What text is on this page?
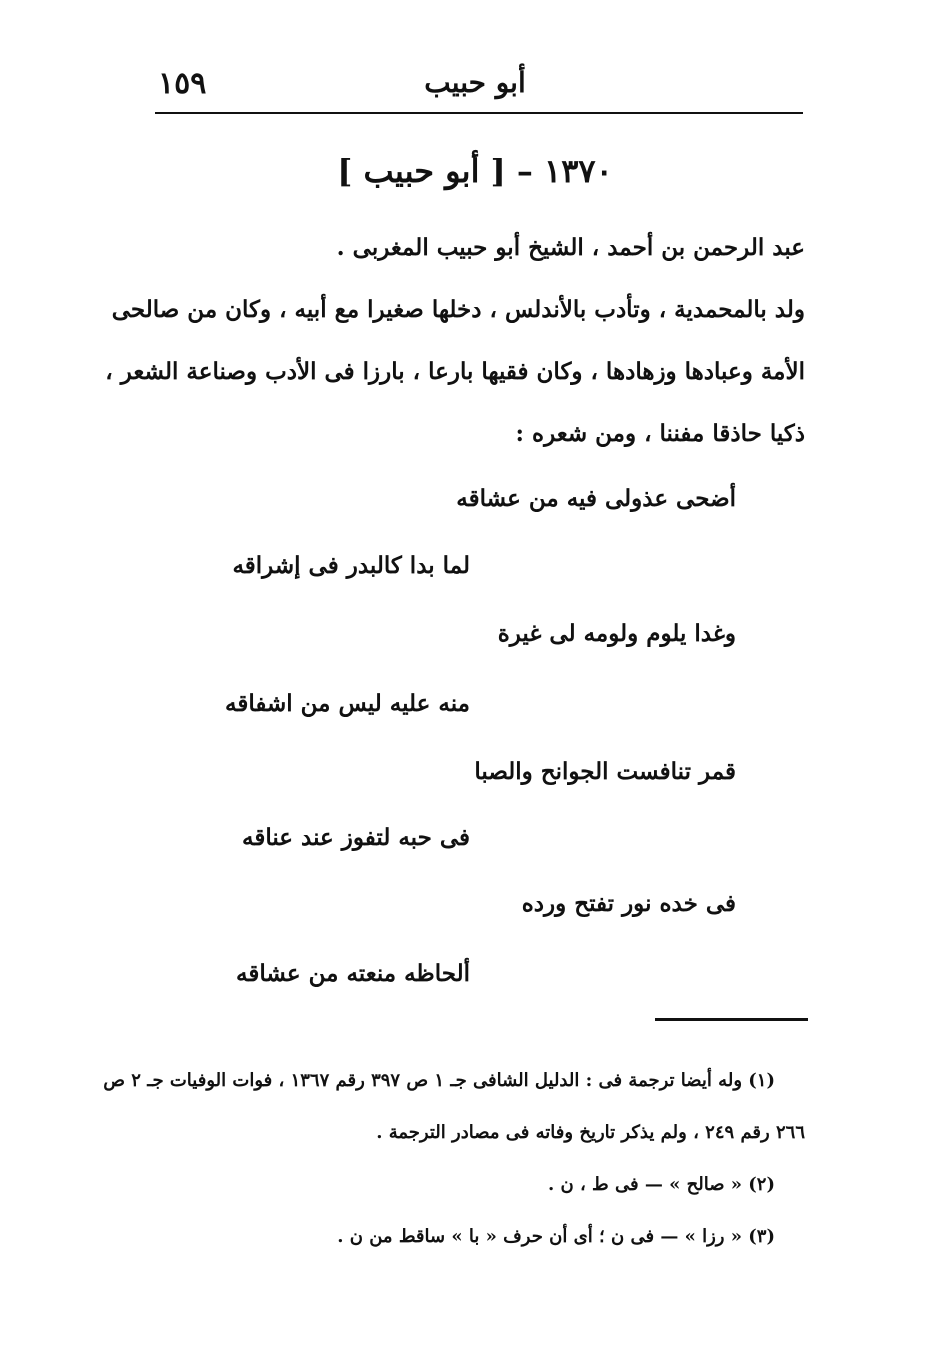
١٥٩	أبو حبيب
١٣٧٠ – [ أبو حبيب ]
عبد الرحمن بن أحمد ، الشيخ أبو حبيب المغربى .
ولد بالمحمدية ، وتأدب بالأندلس ، دخلها صغيرا مع أبيه ، وكان من صالحى
الأمة وعبادها وزهادها ، وكان فقيها بارعا ، بارزا فى الأدب وصناعة الشعر ،
ذكيا حاذقا مفننا ، ومن شعره :
أضحى عذولى فيه من عشاقه
لما بدا كالبدر فى إشراقه
وغدا يلوم ولومه لى غيرة
منه عليه ليس من اشفاقه
قمر تنافست الجوانح والصبا
فى حبه لتفوز عند عناقه
فى خده نور تفتح ورده
ألحاظه منعته من عشاقه
(١) وله أيضا ترجمة فى : الدليل الشافى جـ ١ ص ٣٩٧ رقم ١٣٦٧ ، فوات الوفيات جـ ٢ ص
٢٦٦ رقم ٢٤٩ ، ولم يذكر تاريخ وفاته فى مصادر الترجمة .
(٢) « صالح » — فى ط ، ن .
(٣) « رزا » — فى ن ؛ أى أن حرف « با » ساقط من ن .
